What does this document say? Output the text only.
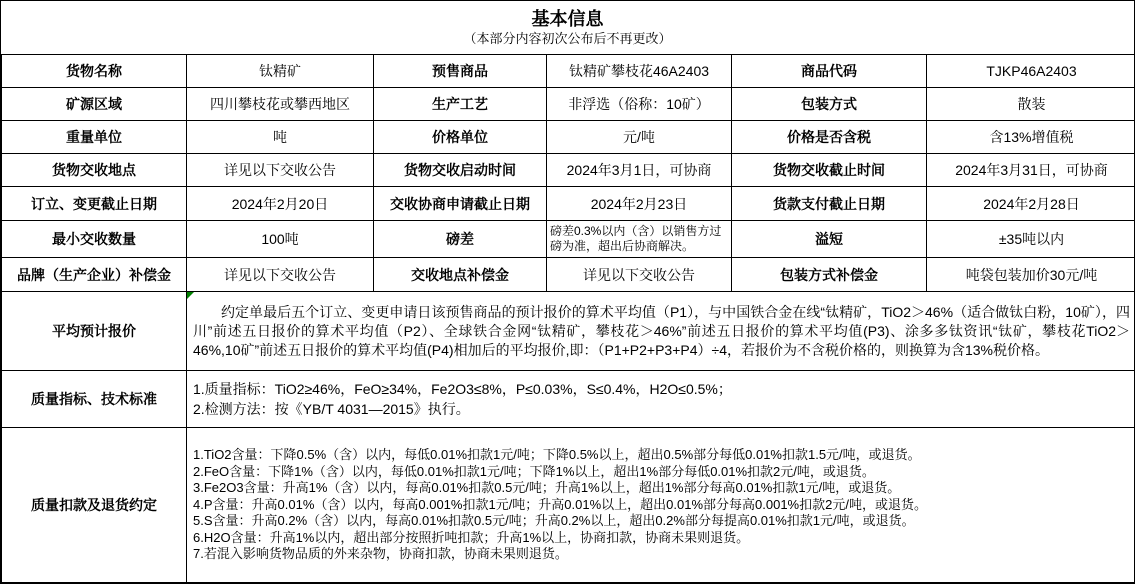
基本信息
（本部分内容初次公布后不再更改）
货物名称	钛精矿	预售商品	钛精矿攀枝花46A2403	商品代码	TJKP46A2403
矿源区域	四川攀枝花或攀西地区	生产工艺	非浮选（俗称：10矿）	包装方式	散装
重量单位	吨	价格单位	元/吨	价格是否含税	含13%增值税
货物交收地点	详见以下交收公告	货物交收启动时间	2024年3月1日，可协商	货物交收截止时间	2024年3月31日，可协商
订立、变更截止日期	2024年2月20日	交收协商申请截止日期	2024年2月23日	货款支付截止日期	2024年2月28日
最小交收数量	100吨	磅差	磅差0.3%以内（含）以销售方过磅为准，超出后协商解决。	溢短	±35吨以内
品牌（生产企业）补偿金	详见以下交收公告	交收地点补偿金	详见以下交收公告	包装方式补偿金	吨袋包装加价30元/吨
平均预计报价	约定单最后五个订立、变更申请日该预售商品的预计报价的算术平均值（P1），与中国铁合金在线“钛精矿，TiO2＞46%（适合做钛白粉，10矿），四川”前述五日报价的算术平均值（P2）、全球铁合金网“钛精矿，攀枝花＞46%”前述五日报价的算术平均值(P3)、涂多多钛资讯“钛矿，攀枝花TiO2＞46%,10矿”前述五日报价的算术平均值(P4)相加后的平均报价,即：（P1+P2+P3+P4）÷4，若报价为不含税价格的，则换算为含13%税价格。				

质量指标、技术标准	1.质量指标：TiO2≥46%，FeO≥34%，Fe2O3≤8%，P≤0.03%，S≤0.4%，H2O≤0.5%；

2.检测方法：按《YB/T 4031—2015》执行。				

质量扣款及退货约定	

1.TiO2含量：下降0.5%（含）以内，每低0.01%扣款1元/吨；下降0.5%以上，超出0.5%部分每低0.01%扣款1.5元/吨，或退货。

2.FeO含量：下降1%（含）以内，每低0.01%扣款1元/吨；下降1%以上，超出1%部分每低0.01%扣款2元/吨，或退货。

3.Fe2O3含量：升高1%（含）以内，每高0.01%扣款0.5元/吨；升高1%以上，超出1%部分每高0.01%扣款1元/吨，或退货。

4.P含量：升高0.01%（含）以内，每高0.001%扣款1元/吨；升高0.01%以上，超出0.01%部分每高0.001%扣款2元/吨，或退货。

5.S含量：升高0.2%（含）以内，每高0.01%扣款0.5元/吨；升高0.2%以上，超出0.2%部分每提高0.01%扣款1元/吨，或退货。

6.H2O含量：升高1%以内，超出部分按照折吨扣款；升高1%以上，协商扣款，协商未果则退货。

7.若混入影响货物品质的外来杂物，协商扣款，协商未果则退货。
